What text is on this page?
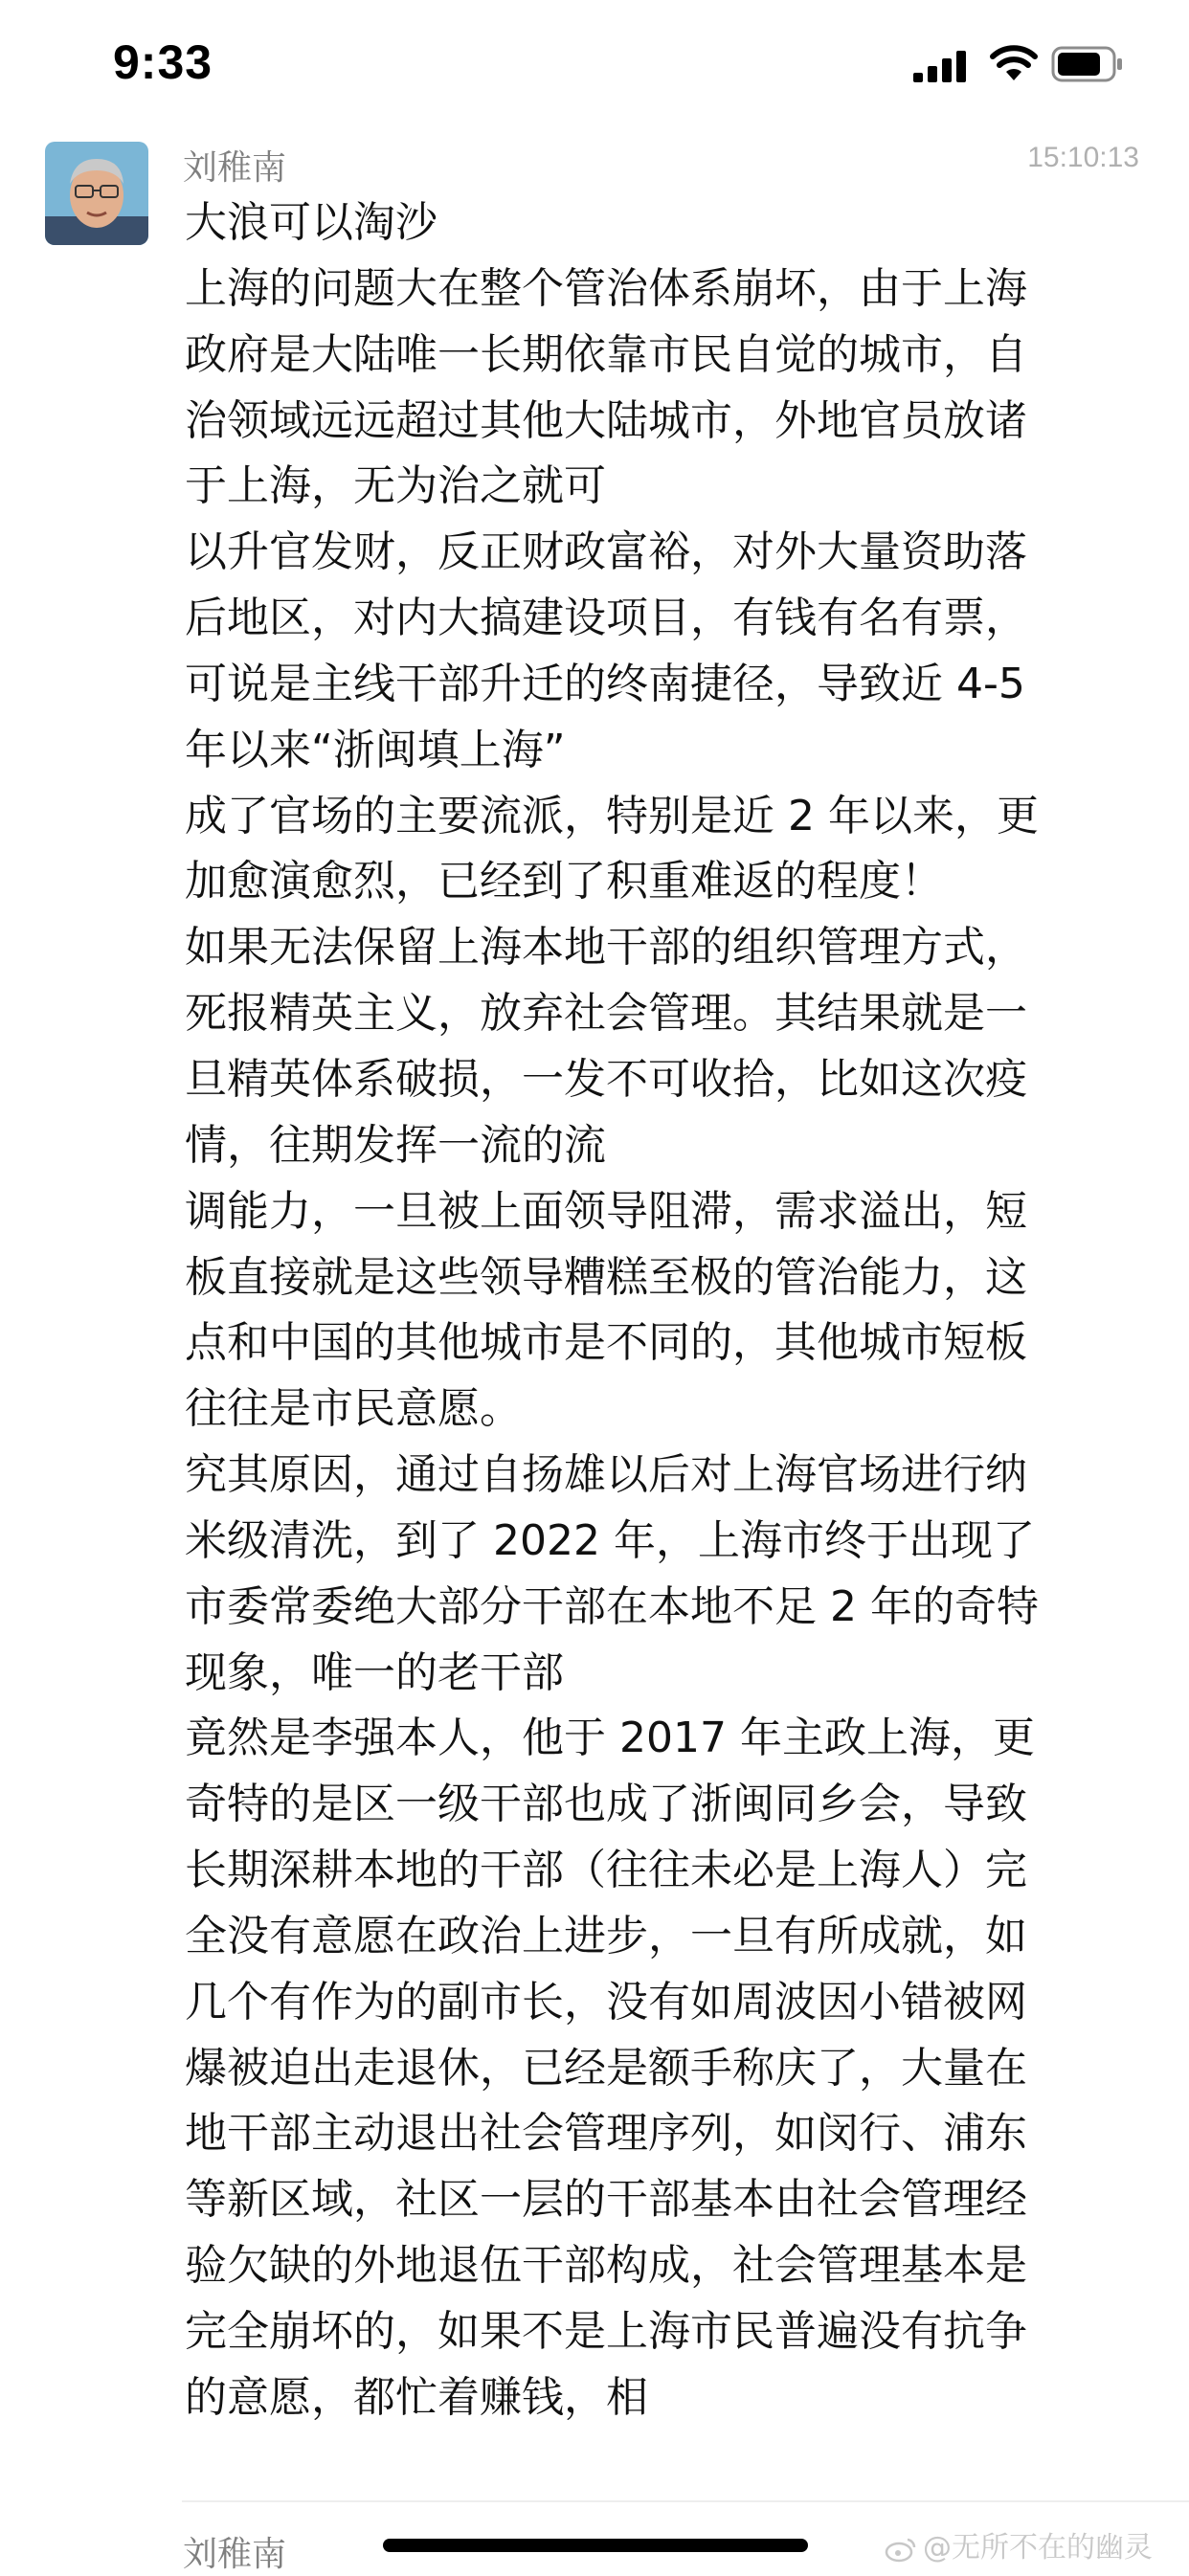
9:33
刘稚南	15:10:13
大浪可以淘沙
上海的问题大在整个管治体系崩坏，由于上海
政府是大陆唯一长期依靠市民自觉的城市，自
治领域远远超过其他大陆城市，外地官员放诸
于上海，无为治之就可
以升官发财，反正财政富裕，对外大量资助落
后地区，对内大搞建设项目，有钱有名有票，
可说是主线干部升迁的终南捷径，导致近 4-5
年以来“浙闽填上海”
成了官场的主要流派，特别是近 2 年以来，更
加愈演愈烈，已经到了积重难返的程度！
如果无法保留上海本地干部的组织管理方式，
死报精英主义，放弃社会管理。其结果就是一
旦精英体系破损，一发不可收拾，比如这次疫
情，往期发挥一流的流
调能力，一旦被上面领导阻滞，需求溢出，短
板直接就是这些领导糟糕至极的管治能力，这
点和中国的其他城市是不同的，其他城市短板
往往是市民意愿。
究其原因，通过自扬雄以后对上海官场进行纳
米级清洗，到了 2022 年，上海市终于出现了
市委常委绝大部分干部在本地不足 2 年的奇特
现象，唯一的老干部
竟然是李强本人，他于 2017 年主政上海，更
奇特的是区一级干部也成了浙闽同乡会，导致
长期深耕本地的干部（往往未必是上海人）完
全没有意愿在政治上进步，一旦有所成就，如
几个有作为的副市长，没有如周波因小错被网
爆被迫出走退休，已经是额手称庆了，大量在
地干部主动退出社会管理序列，如闵行、浦东
等新区域，社区一层的干部基本由社会管理经
验欠缺的外地退伍干部构成，社会管理基本是
完全崩坏的，如果不是上海市民普遍没有抗争
的意愿，都忙着赚钱，相
刘稚南	@无所不在的幽灵
